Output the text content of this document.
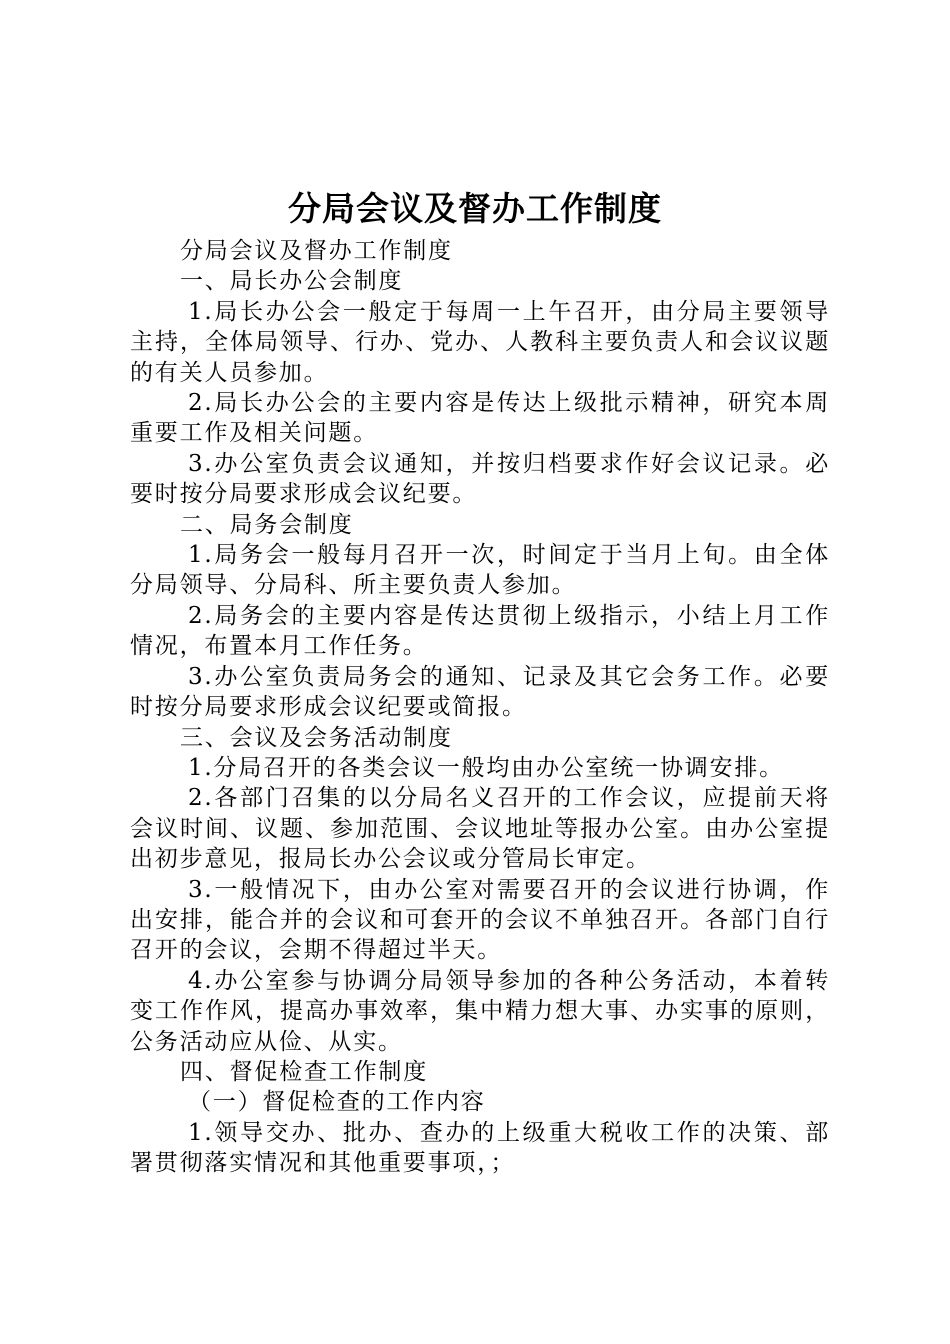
分局会议及督办工作制度

分局会议及督办工作制度

一、局长办公会制度

1.局长办公会一般定于每周一上午召开，由分局主要领导主持，全体局领导、行办、党办、人教科主要负责人和会议议题的有关人员参加。

2.局长办公会的主要内容是传达上级批示精神，研究本周重要工作及相关问题。

3.办公室负责会议通知，并按归档要求作好会议记录。必要时按分局要求形成会议纪要。

二、局务会制度

1.局务会一般每月召开一次，时间定于当月上旬。由全体分局领导、分局科、所主要负责人参加。

2.局务会的主要内容是传达贯彻上级指示，小结上月工作情况，布置本月工作任务。

3.办公室负责局务会的通知、记录及其它会务工作。必要时按分局要求形成会议纪要或简报。

三、会议及会务活动制度

1.分局召开的各类会议一般均由办公室统一协调安排。

2.各部门召集的以分局名义召开的工作会议，应提前天将会议时间、议题、参加范围、会议地址等报办公室。由办公室提出初步意见，报局长办公会议或分管局长审定。

3.一般情况下，由办公室对需要召开的会议进行协调，作出安排，能合并的会议和可套开的会议不单独召开。各部门自行召开的会议，会期不得超过半天。

4.办公室参与协调分局领导参加的各种公务活动，本着转变工作作风，提高办事效率，集中精力想大事、办实事的原则，公务活动应从俭、从实。

四、督促检查工作制度

（一）督促检查的工作内容

1.领导交办、批办、查办的上级重大税收工作的决策、部署贯彻落实情况和其他重要事项，；
